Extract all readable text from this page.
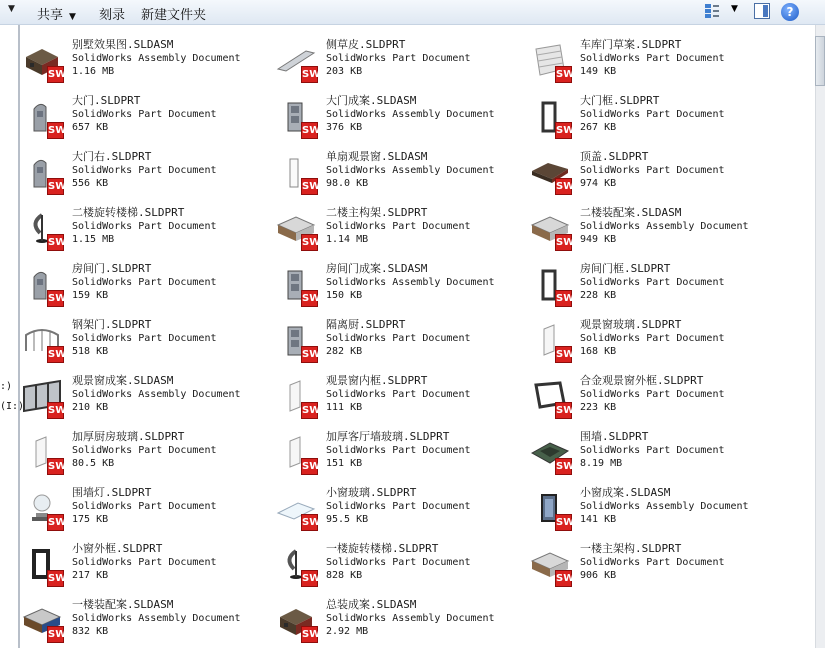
▼ 共享 ▼ 刻录 新建文件夹	▼	?
:)
(I:)
SW
别墅效果图.SLDASM
SolidWorks Assembly Document
1.16 MB	SW
侧草皮.SLDPRT
SolidWorks Part Document
203 KB	SW
车库门草案.SLDPRT
SolidWorks Part Document
149 KB
SW
大门.SLDPRT
SolidWorks Part Document
657 KB	SW
大门成案.SLDASM
SolidWorks Assembly Document
376 KB	SW
大门框.SLDPRT
SolidWorks Part Document
267 KB
SW
大门右.SLDPRT
SolidWorks Part Document
556 KB	SW
单扇观景窗.SLDASM
SolidWorks Assembly Document
98.0 KB	SW
顶盖.SLDPRT
SolidWorks Part Document
974 KB
SW
二楼旋转楼梯.SLDPRT
SolidWorks Part Document
1.15 MB	SW
二楼主构架.SLDPRT
SolidWorks Part Document
1.14 MB	SW
二楼装配案.SLDASM
SolidWorks Assembly Document
949 KB
SW
房间门.SLDPRT
SolidWorks Part Document
159 KB	SW
房间门成案.SLDASM
SolidWorks Assembly Document
150 KB	SW
房间门框.SLDPRT
SolidWorks Part Document
228 KB
SW
钢架门.SLDPRT
SolidWorks Part Document
518 KB	SW
隔离厨.SLDPRT
SolidWorks Part Document
282 KB	SW
观景窗玻璃.SLDPRT
SolidWorks Part Document
168 KB
SW
观景窗成案.SLDASM
SolidWorks Assembly Document
210 KB	SW
观景窗内框.SLDPRT
SolidWorks Part Document
111 KB	SW
合金观景窗外框.SLDPRT
SolidWorks Part Document
223 KB
SW
加厚厨房玻璃.SLDPRT
SolidWorks Part Document
80.5 KB	SW
加厚客厅墙玻璃.SLDPRT
SolidWorks Part Document
151 KB	SW
围墙.SLDPRT
SolidWorks Part Document
8.19 MB
SW
围墙灯.SLDPRT
SolidWorks Part Document
175 KB	SW
小窗玻璃.SLDPRT
SolidWorks Part Document
95.5 KB	SW
小窗成案.SLDASM
SolidWorks Assembly Document
141 KB
SW
小窗外框.SLDPRT
SolidWorks Part Document
217 KB	SW
一楼旋转楼梯.SLDPRT
SolidWorks Part Document
828 KB	SW
一楼主架构.SLDPRT
SolidWorks Part Document
906 KB
SW
一楼装配案.SLDASM
SolidWorks Assembly Document
832 KB	SW
总装成案.SLDASM
SolidWorks Assembly Document
2.92 MB
